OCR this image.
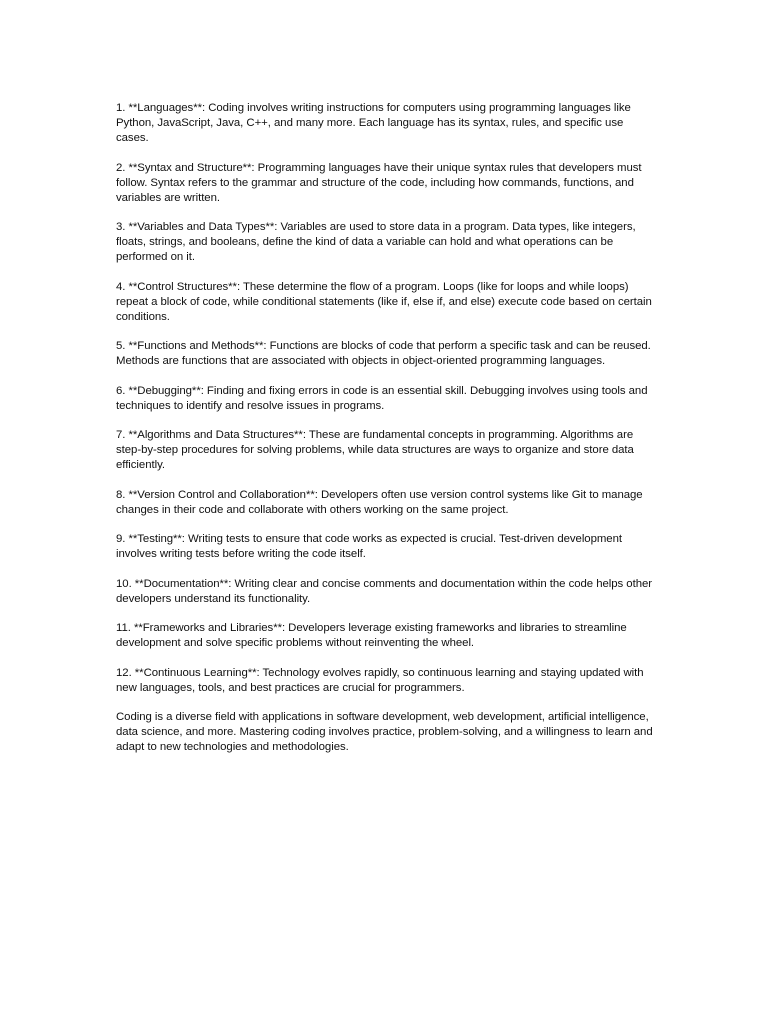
1. **Languages**: Coding involves writing instructions for computers using programming languages like Python, JavaScript, Java, C++, and many more. Each language has its syntax, rules, and specific use cases.

2. **Syntax and Structure**: Programming languages have their unique syntax rules that developers must follow. Syntax refers to the grammar and structure of the code, including how commands, functions, and variables are written.

3. **Variables and Data Types**: Variables are used to store data in a program. Data types, like integers, floats, strings, and booleans, define the kind of data a variable can hold and what operations can be performed on it.

4. **Control Structures**: These determine the flow of a program. Loops (like for loops and while loops) repeat a block of code, while conditional statements (like if, else if, and else) execute code based on certain conditions.

5. **Functions and Methods**: Functions are blocks of code that perform a specific task and can be reused. Methods are functions that are associated with objects in object-oriented programming languages.

6. **Debugging**: Finding and fixing errors in code is an essential skill. Debugging involves using tools and techniques to identify and resolve issues in programs.

7. **Algorithms and Data Structures**: These are fundamental concepts in programming. Algorithms are step-by-step procedures for solving problems, while data structures are ways to organize and store data efficiently.

8. **Version Control and Collaboration**: Developers often use version control systems like Git to manage changes in their code and collaborate with others working on the same project.

9. **Testing**: Writing tests to ensure that code works as expected is crucial. Test-driven development involves writing tests before writing the code itself.

10. **Documentation**: Writing clear and concise comments and documentation within the code helps other developers understand its functionality.

11. **Frameworks and Libraries**: Developers leverage existing frameworks and libraries to streamline development and solve specific problems without reinventing the wheel.

12. **Continuous Learning**: Technology evolves rapidly, so continuous learning and staying updated with new languages, tools, and best practices are crucial for programmers.

Coding is a diverse field with applications in software development, web development, artificial intelligence, data science, and more. Mastering coding involves practice, problem-solving, and a willingness to learn and adapt to new technologies and methodologies.
